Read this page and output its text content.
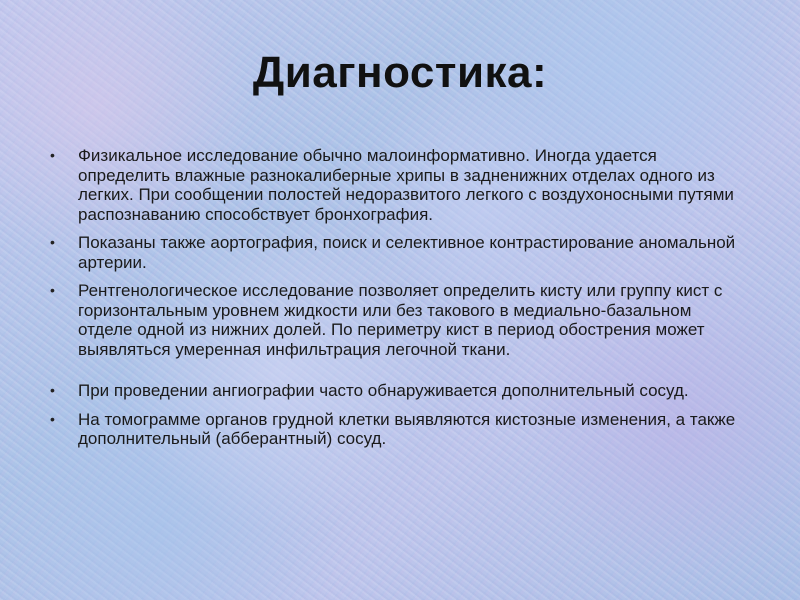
Диагностика:
• Физикальное исследование обычно малоинформативно. Иногда удается определить влажные разнокалиберные хрипы в задненижних отделах одного из легких. При сообщении полостей недоразвитого легкого с воздухоносными путями распознаванию способствует бронхография.
• Показаны также аортография, поиск и селективное контрастирование аномальной артерии.
• Рентгенологическое исследование позволяет определить кисту или группу кист с горизонтальным уровнем жидкости или без такового в медиально-базальном отделе одной из нижних долей. По периметру кист в период обострения может выявляться умеренная инфильтрация легочной ткани.
• При проведении ангиографии часто обнаруживается дополнительный сосуд.
• На томограмме органов грудной клетки выявляются кистозные изменения, а также дополнительный (абберантный) сосуд.
